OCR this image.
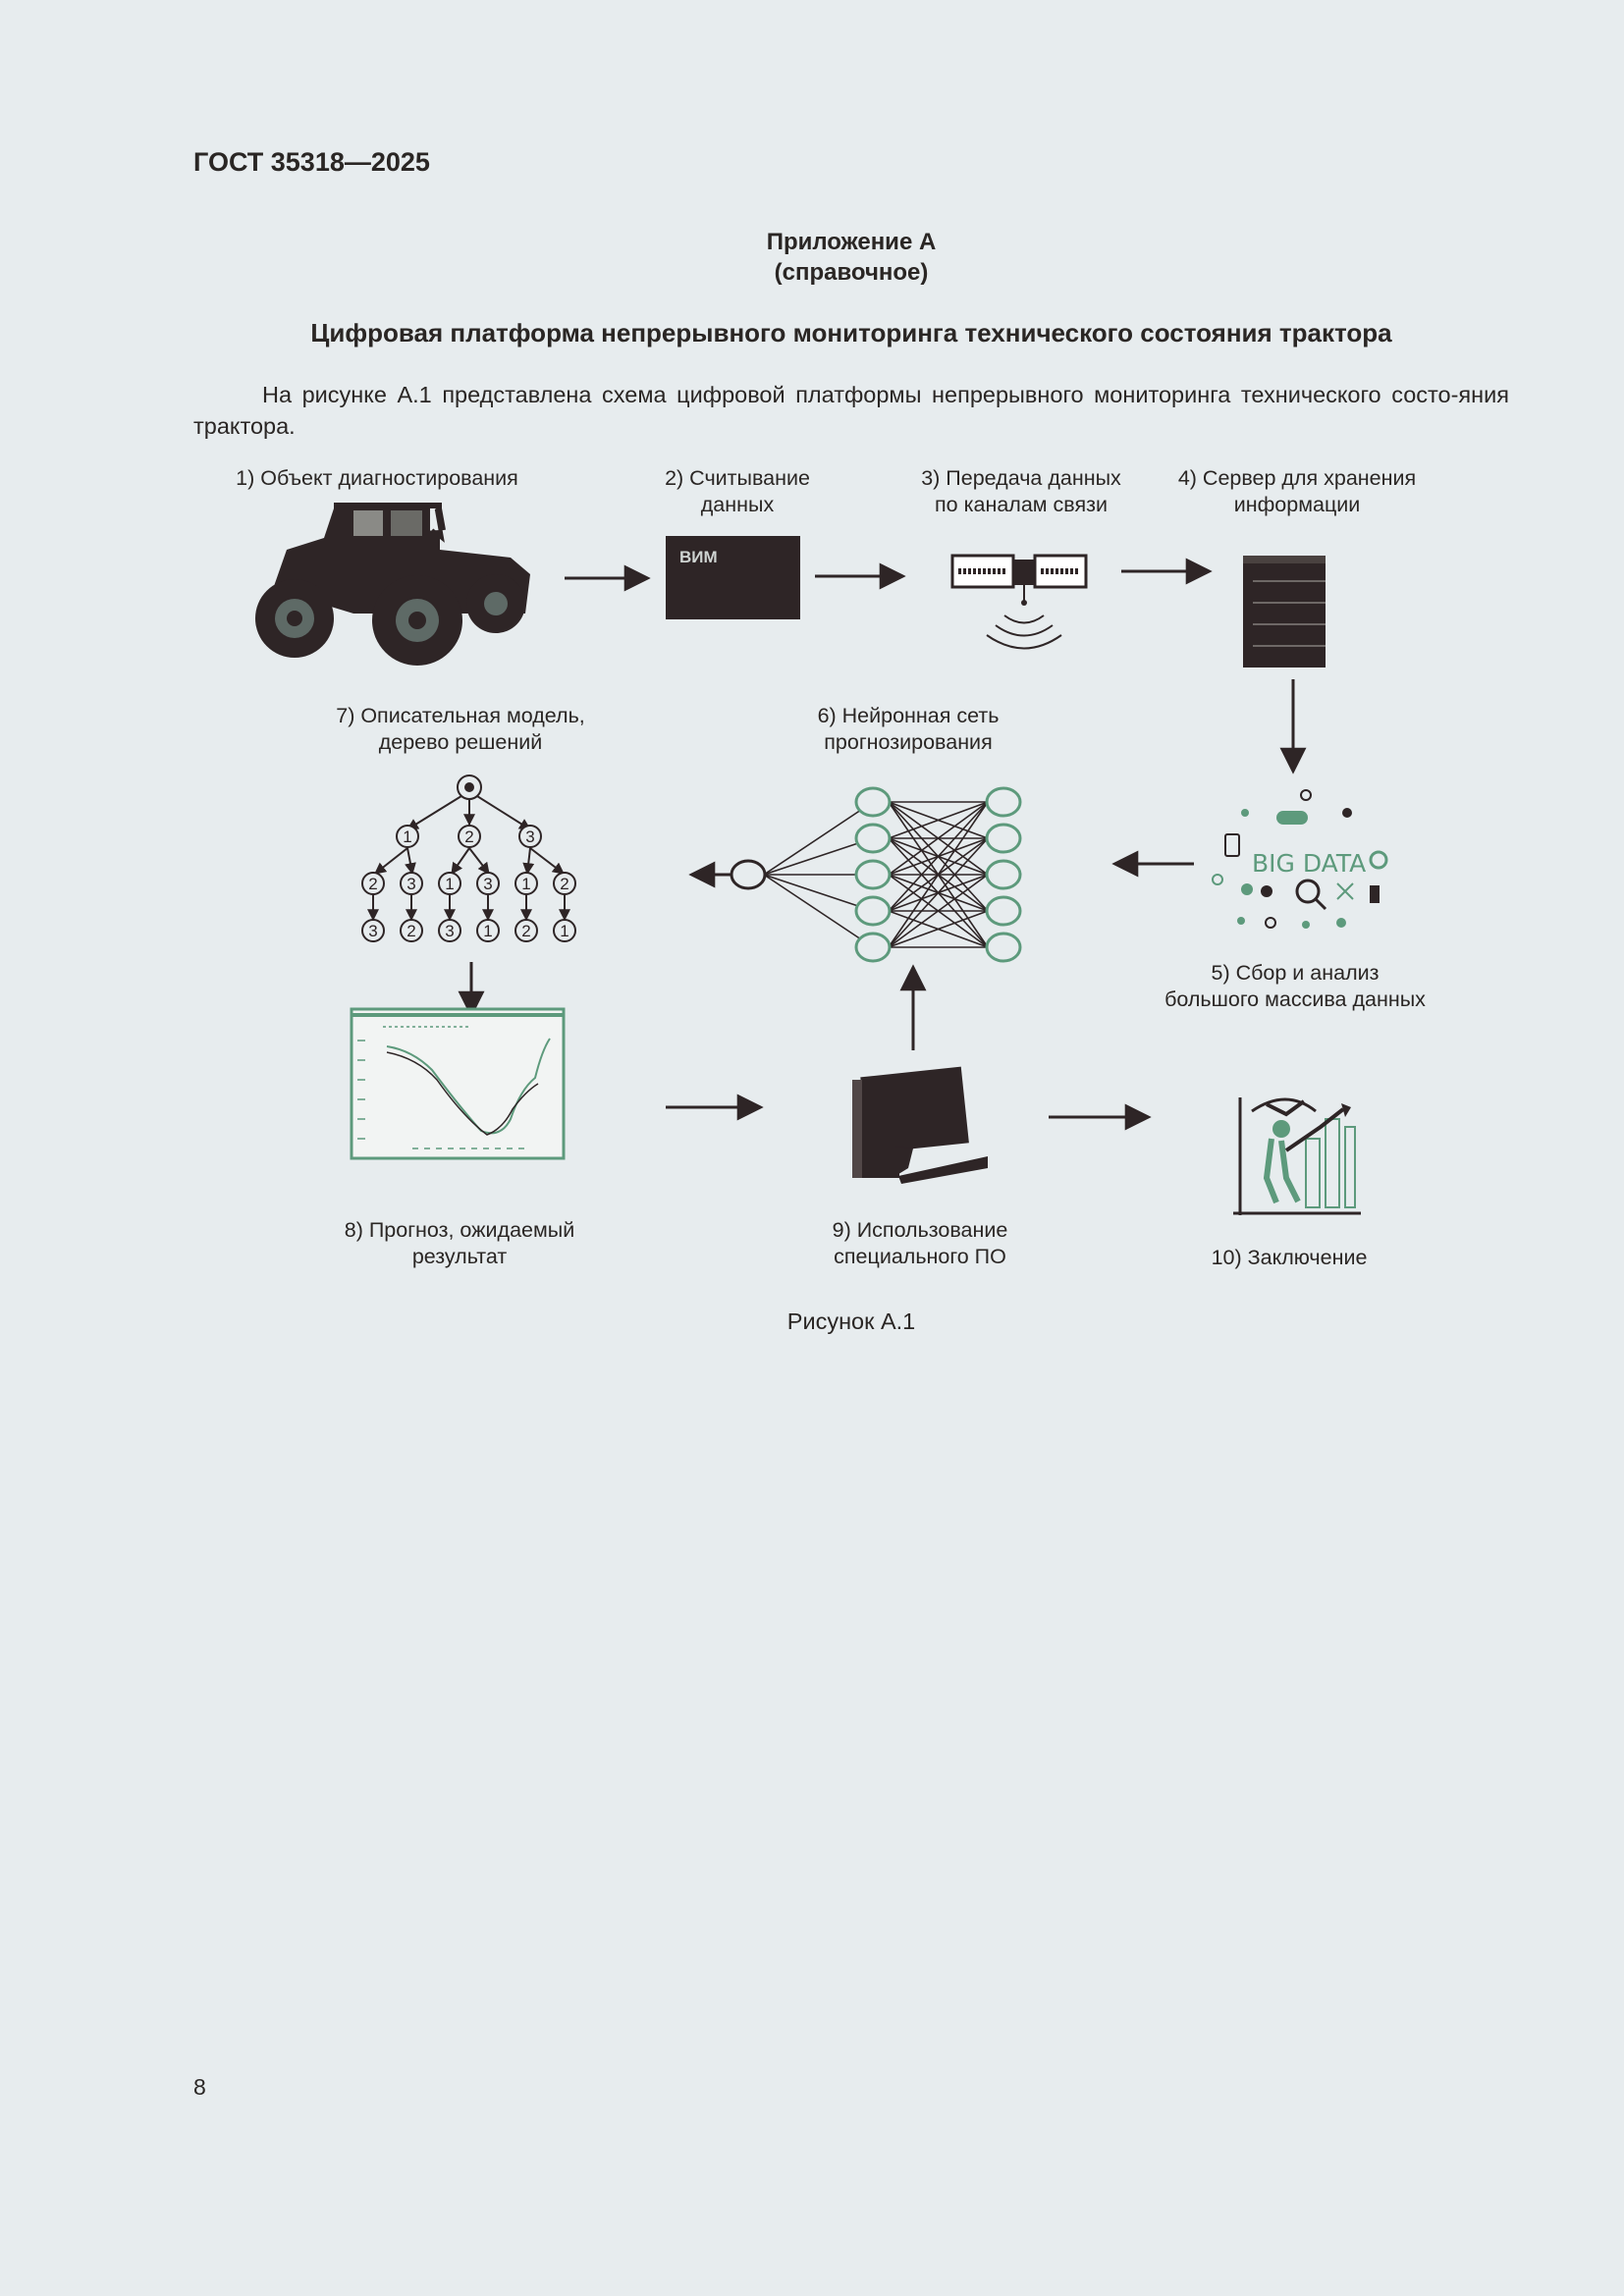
ГОСТ 35318—2025
Приложение А
(справочное)
Цифровая платформа непрерывного мониторинга технического состояния трактора
На рисунке А.1 представлена схема цифровой платформы непрерывного мониторинга технического состо-яния трактора.
ВИМ
BIG DATA
1	2	3
2 3 1 3 1 2
3 2 3 1 2 1
1) Объект диагностирования	2) Считывание
данных
3) Передача данных
по каналам связи
4) Сервер для хранения
информации
5) Сбор и анализ
большого массива данных
6) Нейронная сеть
прогнозирования
7) Описательная модель,
дерево решений
8) Прогноз, ожидаемый
результат
9) Использование
специального ПО	10) Заключение
Рисунок А.1
8
